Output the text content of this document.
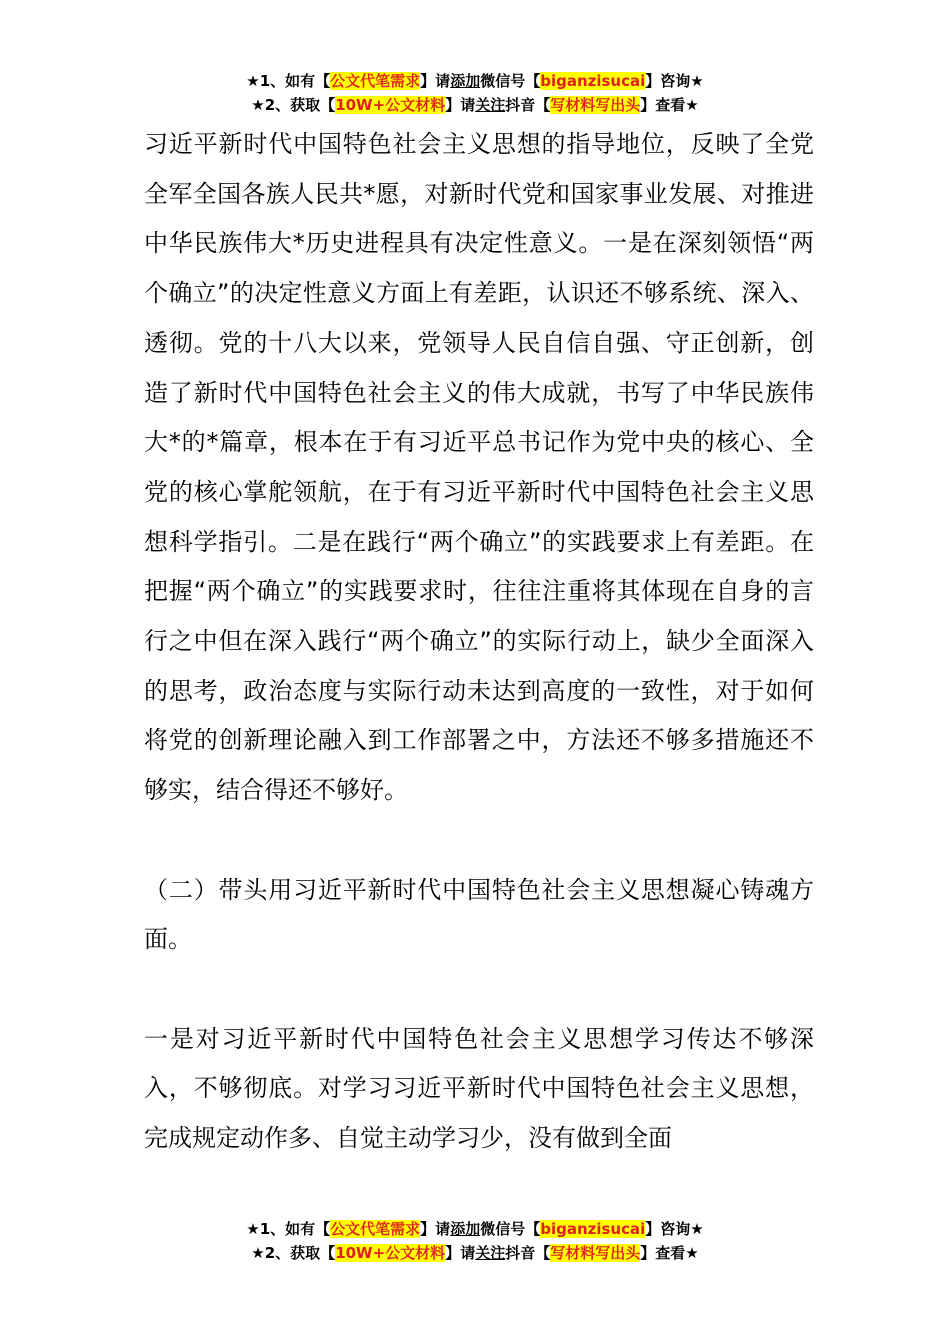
★1、如有【公文代笔需求】请添加微信号【biganzisucai】咨询★
★2、获取【10W+公文材料】请关注抖音【写材料写出头】查看★

习近平新时代中国特色社会主义思想的指导地位，反映了全党全军全国各族人民共*愿，对新时代党和国家事业发展、对推进中华民族伟大*历史进程具有决定性意义。一是在深刻领悟“两个确立”的决定性意义方面上有差距，认识还不够系统、深入、透彻。党的十八大以来，党领导人民自信自强、守正创新，创造了新时代中国特色社会主义的伟大成就，书写了中华民族伟大*的*篇章，根本在于有习近平总书记作为党中央的核心、全党的核心掌舵领航，在于有习近平新时代中国特色社会主义思想科学指引。二是在践行“两个确立”的实践要求上有差距。在把握“两个确立”的实践要求时，往往注重将其体现在自身的言行之中但在深入践行“两个确立”的实际行动上，缺少全面深入的思考，政治态度与实际行动未达到高度的一致性，对于如何将党的创新理论融入到工作部署之中，方法还不够多措施还不够实，结合得还不够好。

（二）带头用习近平新时代中国特色社会主义思想凝心铸魂方面。

一是对习近平新时代中国特色社会主义思想学习传达不够深入，不够彻底。对学习习近平新时代中国特色社会主义思想，完成规定动作多、自觉主动学习少，没有做到全面

★1、如有【公文代笔需求】请添加微信号【biganzisucai】咨询★
★2、获取【10W+公文材料】请关注抖音【写材料写出头】查看★
